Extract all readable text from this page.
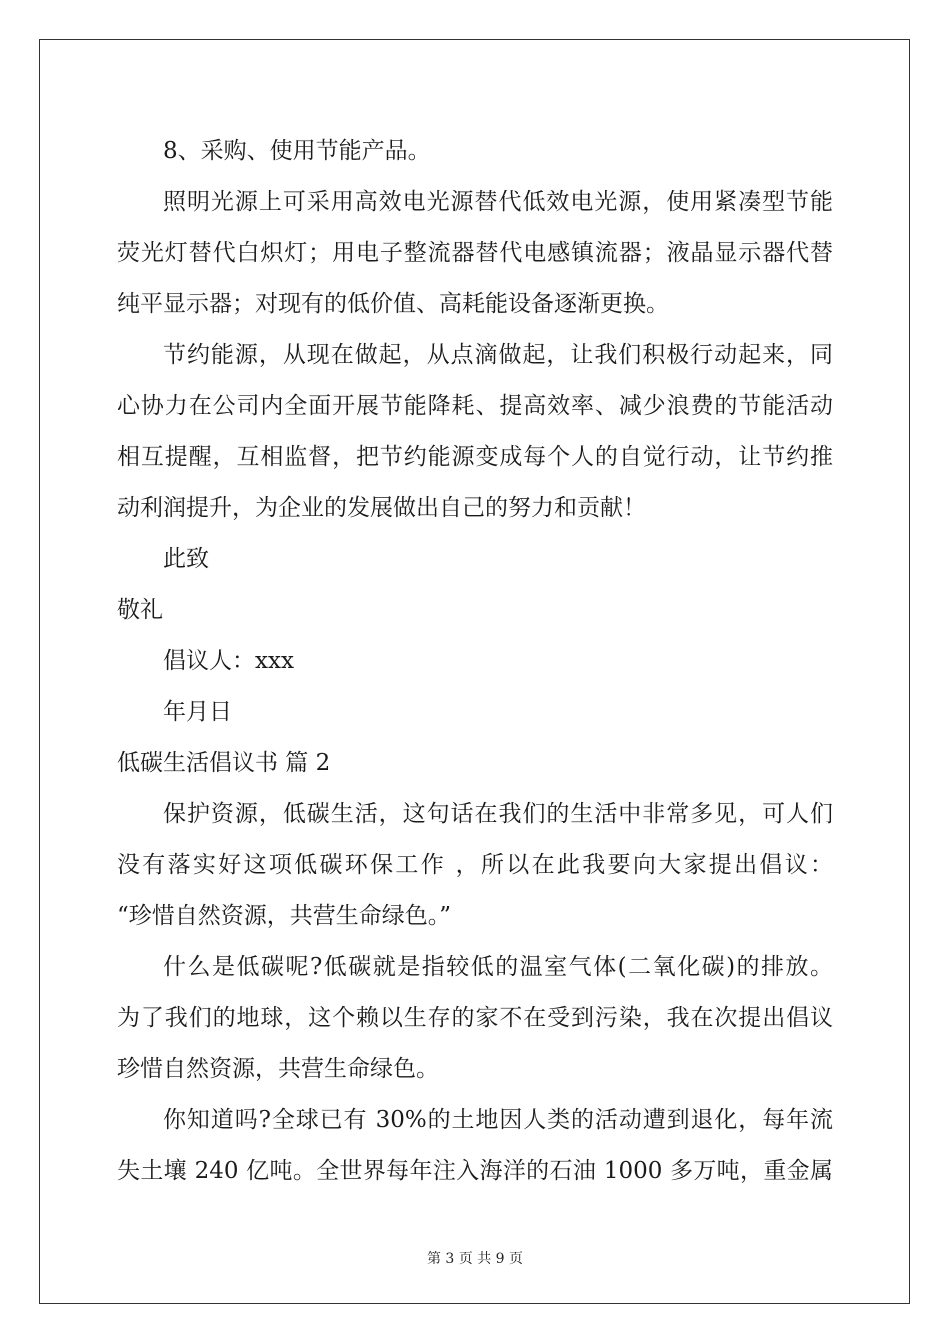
8、采购、使用节能产品。
照明光源上可采用高效电光源替代低效电光源，使用紧凑型节能
荧光灯替代白炽灯；用电子整流器替代电感镇流器；液晶显示器代替
纯平显示器；对现有的低价值、高耗能设备逐渐更换。
节约能源，从现在做起，从点滴做起，让我们积极行动起来，同
心协力在公司内全面开展节能降耗、提高效率、减少浪费的节能活动
相互提醒，互相监督，把节约能源变成每个人的自觉行动，让节约推
动利润提升，为企业的发展做出自己的努力和贡献！
此致
敬礼
倡议人：xxx
年月日
低碳生活倡议书 篇 2
保护资源，低碳生活，这句话在我们的生活中非常多见，可人们
没有落实好这项低碳环保工作 ，所以在此我要向大家提出倡议：
“珍惜自然资源，共营生命绿色。”
什么是低碳呢?低碳就是指较低的温室气体(二氧化碳)的排放。
为了我们的地球，这个赖以生存的家不在受到污染，我在次提出倡议
珍惜自然资源，共营生命绿色。
你知道吗?全球已有 30%的土地因人类的活动遭到退化，每年流
失土壤 240 亿吨。全世界每年注入海洋的石油 1000 多万吨，重金属
第 3 页 共 9 页
